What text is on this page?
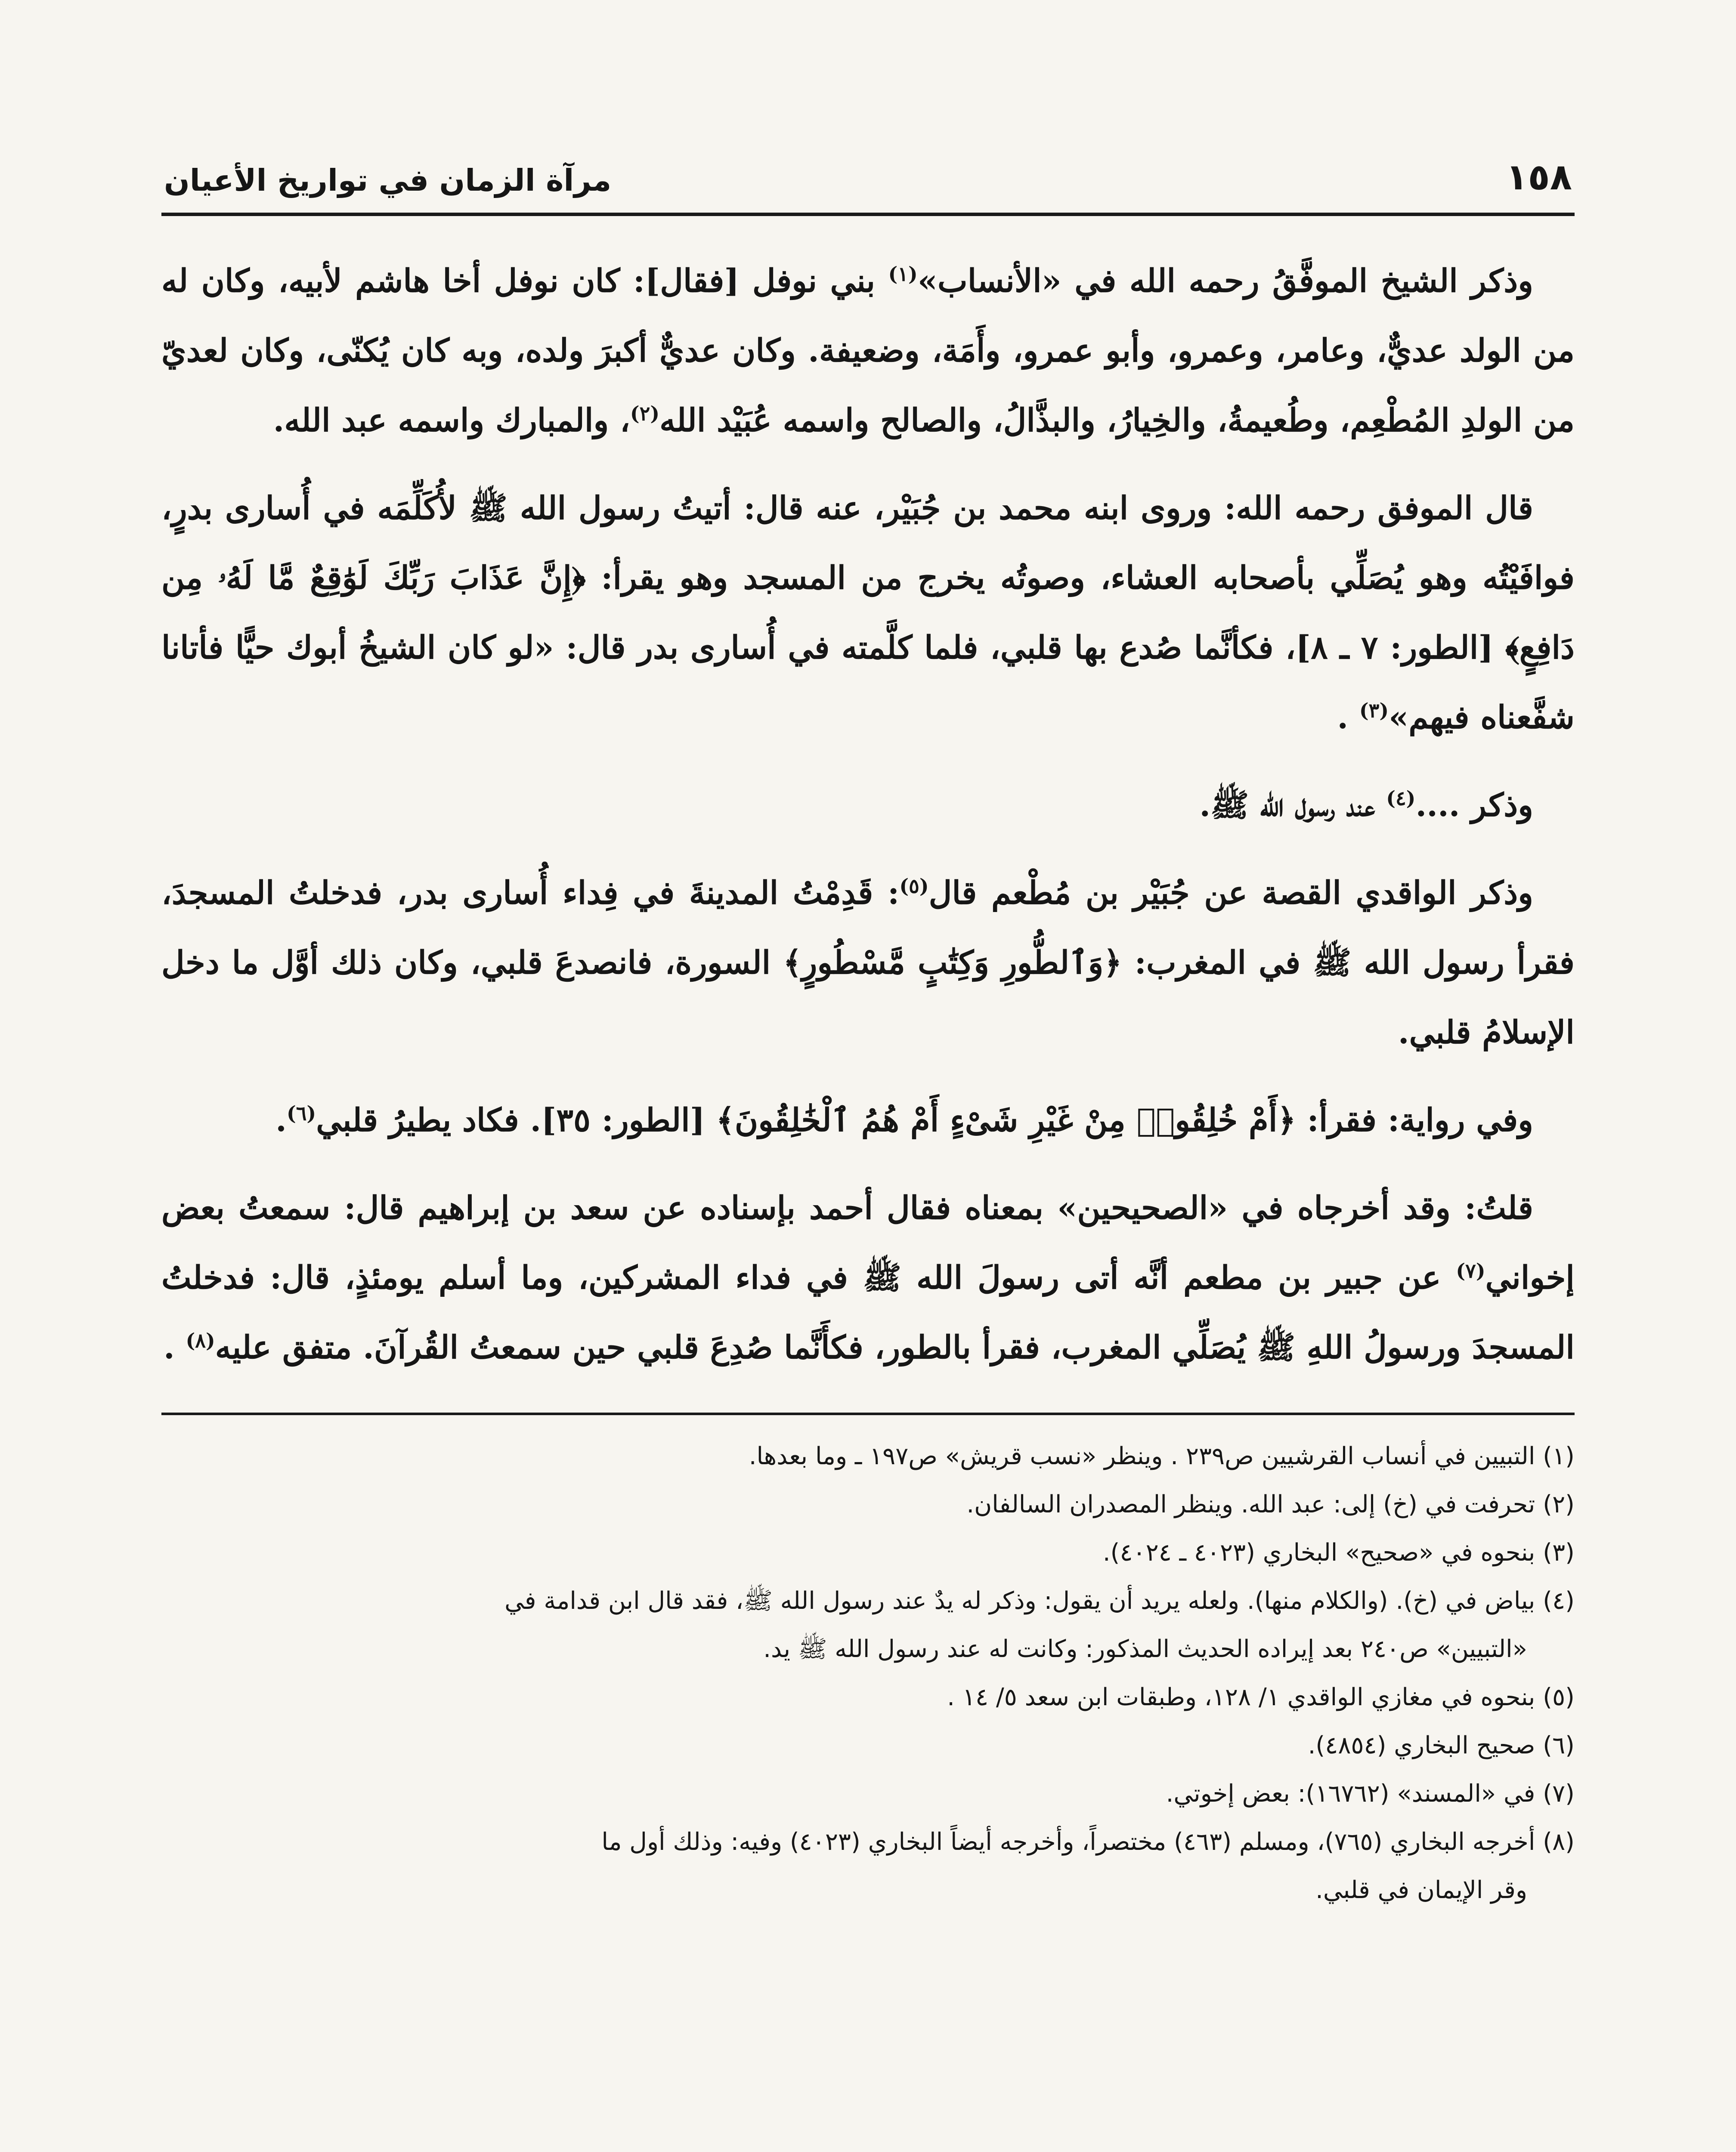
١٥٨
مرآة الزمان في تواريخ الأعيان

وذكر الشيخ الموفَّقُ رحمه الله في «الأنساب»$^{(١)}$ بني نوفل [فقال]: كان نوفل أخا هاشم لأبيه، وكان له من الولد عديٌّ، وعامر، وعمرو، وأبو عمرو، وأَمَة، وضعيفة. وكان عديٌّ أكبرَ ولده، وبه كان يُكنّى، وكان لعديّ من الولدِ المُطْعِم، وطُعيمةُ، والخِيارُ، والبذَّالُ، والصالح واسمه عُبَيْد الله$^{(٢)}$، والمبارك واسمه عبد الله.

قال الموفق رحمه الله: وروى ابنه محمد بن جُبَيْر، عنه قال: أتيتُ رسول الله ﷺ لأُكَلِّمَه في أُسارى بدرٍ، فوافَيْتُه وهو يُصَلِّي بأصحابه العشاء، وصوتُه يخرج من المسجد وهو يقرأ: ﴿إِنَّ عَذَابَ رَبِّكَ لَوَٰقِعٌ مَّا لَهُۥ مِن دَافِعٍ﴾ [الطور: ٧ ـ ٨]، فكأنَّما صُدع بها قلبي، فلما كلَّمته في أُسارى بدر قال: «لو كان الشيخُ أبوك حيًّا فأتانا شفَّعناه فيهم»$^{(٣)}$ .

وذكر ....$^{(٤)}$ عند رسول الله ﷺ.

وذكر الواقدي القصة عن جُبَيْر بن مُطْعم قال$^{(٥)}$: قَدِمْتُ المدينةَ في فِداء أُسارى بدر، فدخلتُ المسجدَ، فقرأ رسول الله ﷺ في المغرب: ﴿وَٱلطُّورِ وَكِتَٰبٍ مَّسْطُورٍ﴾ السورة، فانصدعَ قلبي، وكان ذلك أوَّل ما دخل الإسلامُ قلبي.

وفي رواية: فقرأ: ﴿أَمْ خُلِقُوا۟ مِنْ غَيْرِ شَىْءٍ أَمْ هُمُ ٱلْخَٰلِقُونَ﴾ [الطور: ٣٥]. فكاد يطيرُ قلبي$^{(٦)}$.

قلتُ: وقد أخرجاه في «الصحيحين» بمعناه فقال أحمد بإسناده عن سعد بن إبراهيم قال: سمعتُ بعض إخواني$^{(٧)}$ عن جبير بن مطعم أنَّه أتى رسولَ الله ﷺ في فداء المشركين، وما أسلم يومئذٍ، قال: فدخلتُ المسجدَ ورسولُ اللهِ ﷺ يُصَلِّي المغرب، فقرأ بالطور، فكأَنَّما صُدِعَ قلبي حين سمعتُ القُرآنَ. متفق عليه$^{(٨)}$ .

(١) التبيين في أنساب القرشيين ص٢٣٩ . وينظر «نسب قريش» ص١٩٧ ـ وما بعدها.

(٢) تحرفت في (خ) إلى: عبد الله. وينظر المصدران السالفان.

(٣) بنحوه في «صحيح» البخاري (٤٠٢٣ ـ ٤٠٢٤).

(٤) بياض في (خ). (والكلام منها). ولعله يريد أن يقول: وذكر له يدٌ عند رسول الله ﷺ، فقد قال ابن قدامة في
«التبيين» ص٢٤٠ بعد إيراده الحديث المذكور: وكانت له عند رسول الله ﷺ يد.

(٥) بنحوه في مغازي الواقدي ١/ ١٢٨، وطبقات ابن سعد ٥/ ١٤ .

(٦) صحيح البخاري (٤٨٥٤).

(٧) في «المسند» (١٦٧٦٢): بعض إخوتي.

(٨) أخرجه البخاري (٧٦٥)، ومسلم (٤٦٣) مختصراً، وأخرجه أيضاً البخاري (٤٠٢٣) وفيه: وذلك أول ما
وقر الإيمان في قلبي.
